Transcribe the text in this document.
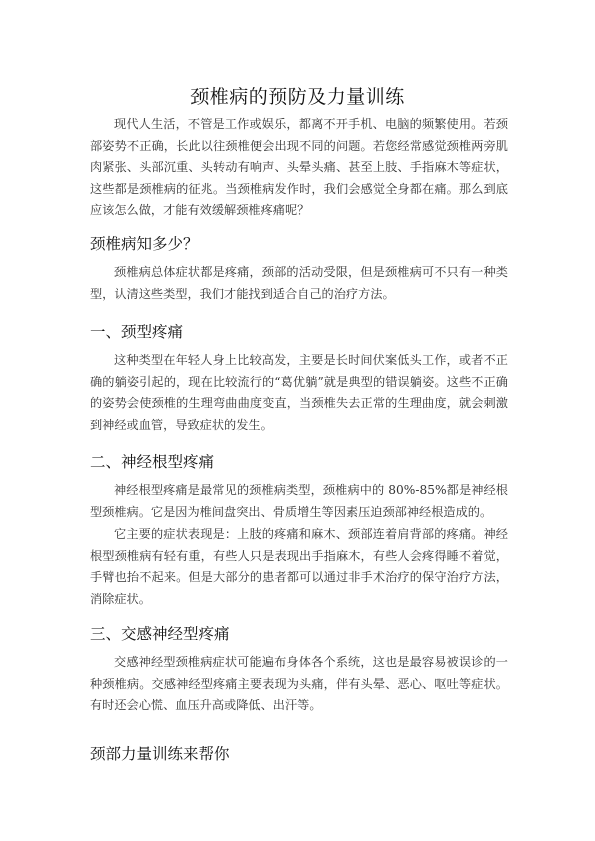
颈椎病的预防及力量训练

现代人生活，不管是工作或娱乐，都离不开手机、电脑的频繁使用。若颈部姿势不正确，长此以往颈椎便会出现不同的问题。若您经常感觉颈椎两旁肌肉紧张、头部沉重、头转动有响声、头晕头痛、甚至上肢、手指麻木等症状，这些都是颈椎病的征兆。当颈椎病发作时，我们会感觉全身都在痛。那么到底应该怎么做，才能有效缓解颈椎疼痛呢？

颈椎病知多少？

颈椎病总体症状都是疼痛，颈部的活动受限，但是颈椎病可不只有一种类型，认清这些类型，我们才能找到适合自己的治疗方法。

一、颈型疼痛

这种类型在年轻人身上比较高发，主要是长时间伏案低头工作，或者不正确的躺姿引起的，现在比较流行的“葛优躺”就是典型的错误躺姿。这些不正确的姿势会使颈椎的生理弯曲曲度变直，当颈椎失去正常的生理曲度，就会刺激到神经或血管，导致症状的发生。

二、神经根型疼痛

神经根型疼痛是最常见的颈椎病类型，颈椎病中的 80%-85%都是神经根型颈椎病。它是因为椎间盘突出、骨质增生等因素压迫颈部神经根造成的。

它主要的症状表现是：上肢的疼痛和麻木、颈部连着肩背部的疼痛。神经根型颈椎病有轻有重，有些人只是表现出手指麻木，有些人会疼得睡不着觉，手臂也抬不起来。但是大部分的患者都可以通过非手术治疗的保守治疗方法，消除症状。

三、交感神经型疼痛

交感神经型颈椎病症状可能遍布身体各个系统，这也是最容易被误诊的一种颈椎病。交感神经型疼痛主要表现为头痛，伴有头晕、恶心、呕吐等症状。有时还会心慌、血压升高或降低、出汗等。

颈部力量训练来帮你
